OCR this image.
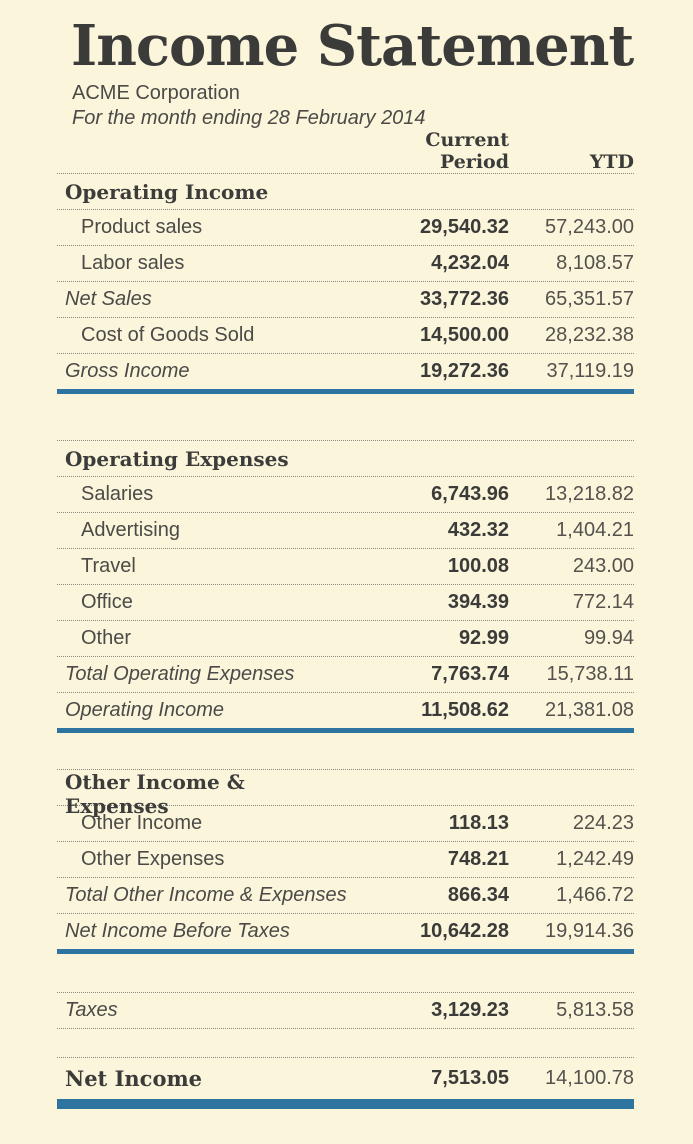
Income Statement
ACME Corporation
For the month ending 28 February 2014
Current Period	YTD
Operating Income
Product sales	29,540.32	57,243.00
Labor sales	4,232.04	8,108.57
Net Sales	33,772.36	65,351.57
Cost of Goods Sold	14,500.00	28,232.38
Gross Income	19,272.36	37,119.19
Operating Expenses
Salaries	6,743.96	13,218.82
Advertising	432.32	1,404.21
Travel	100.08	243.00
Office	394.39	772.14
Other	92.99	99.94
Total Operating Expenses	7,763.74	15,738.11
Operating Income	11,508.62	21,381.08
Other Income & Expenses
Other Income	118.13	224.23
Other Expenses	748.21	1,242.49
Total Other Income & Expenses	866.34	1,466.72
Net Income Before Taxes	10,642.28	19,914.36
Taxes	3,129.23	5,813.58
Net Income	7,513.05	14,100.78
